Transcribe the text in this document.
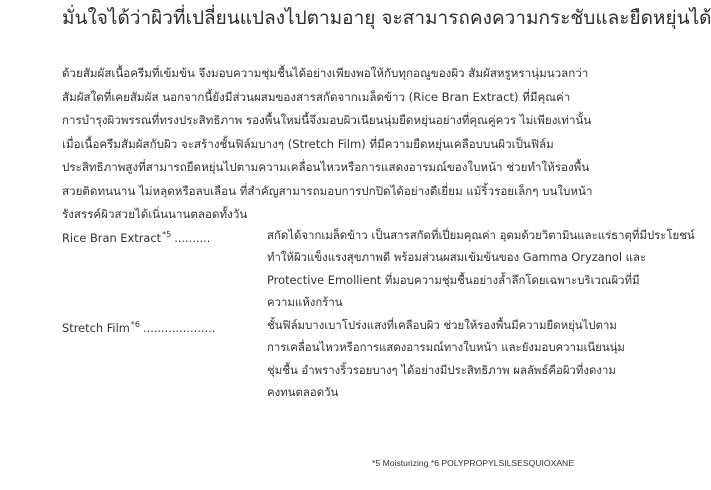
มั่นใจได้ว่าผิวที่เปลี่ยนแปลงไปตามอายุ จะสามารถคงความกระชับและยืดหยุ่นได้
ด้วยสัมผัสเนื้อครีมที่เข้มข้น จึงมอบความชุ่มชื้นได้อย่างเพียงพอให้กับทุกอณูของผิว สัมผัสหรูหรานุ่มนวลกว่า
สัมผัสใดที่เคยสัมผัส นอกจากนี้ยังมีส่วนผสมของสารสกัดจากเมล็ดข้าว (Rice Bran Extract) ที่มีคุณค่า
การบำรุงผิวพรรณที่ทรงประสิทธิภาพ รองพื้นใหม่นี้จึงมอบผิวเนียนนุ่มยืดหยุ่นอย่างที่คุณคู่ควร ไม่เพียงเท่านั้น
เมื่อเนื้อครีมสัมผัสกับผิว จะสร้างชั้นฟิล์มบางๆ (Stretch Film) ที่มีความยืดหยุ่นเคลือบบนผิวเป็นฟิล์ม
ประสิทธิภาพสูงที่สามารถยืดหยุ่นไปตามความเคลื่อนไหวหรือการแสดงอารมณ์ของใบหน้า ช่วยทำให้รองพื้น
สวยติดทนนาน ไม่หลุดหรือลบเลือน ที่สำคัญสามารถมอบการปกปิดได้อย่างดีเยี่ยม แม้ริ้วรอยเล็กๆ บนใบหน้า
รังสรรค์ผิวสวยได้เนิ่นนานตลอดทั้งวัน
Rice Bran Extract$^{*5}$ ..........	สกัดได้จากเมล็ดข้าว เป็นสารสกัดที่เปี่ยมคุณค่า อุดมด้วยวิตามินและแร่ธาตุที่มีประโยชน์
ทำให้ผิวแข็งแรงสุขภาพดี พร้อมส่วนผสมเข้มข้นของ Gamma Oryzanol และ
Protective Emollient ที่มอบความชุ่มชื้นอย่างล้ำลึกโดยเฉพาะบริเวณผิวที่มี
ความแห้งกร้าน
Stretch Film$^{*6}$ ....................	ชั้นฟิล์มบางเบาโปร่งแสงที่เคลือบผิว ช่วยให้รองพื้นมีความยืดหยุ่นไปตาม
การเคลื่อนไหวหรือการแสดงอารมณ์ทางใบหน้า และยังมอบความเนียนนุ่ม
ชุ่มชื้น อำพรางริ้วรอยบางๆ ได้อย่างมีประสิทธิภาพ ผลลัพธ์คือผิวที่งดงาม
คงทนตลอดวัน
*5 Moisturizing *6 POLYPROPYLSILSESQUIOXANE
